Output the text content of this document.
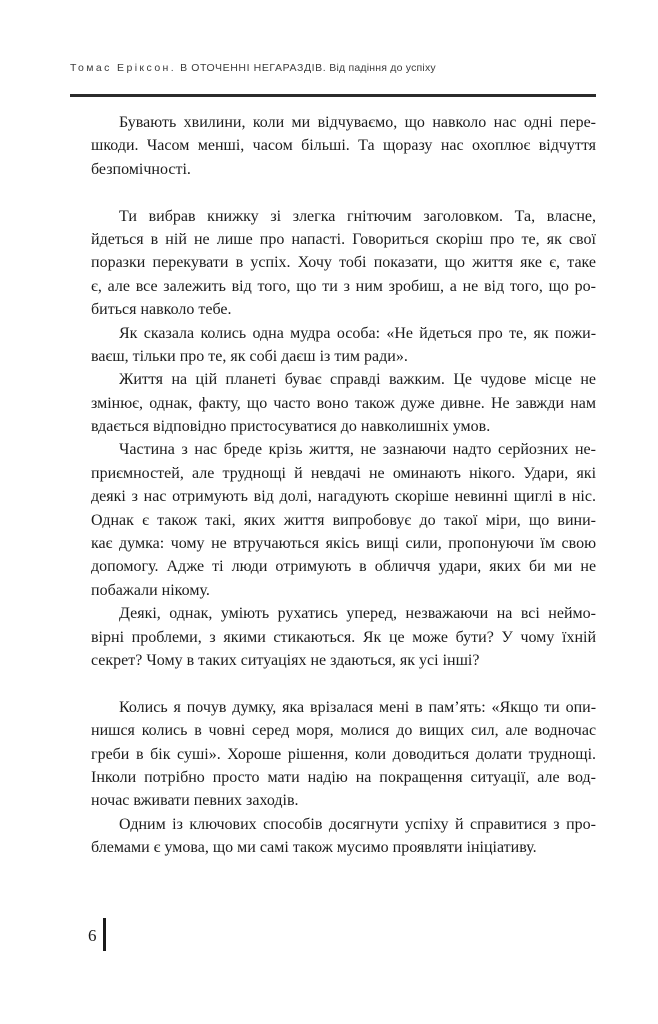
Томас Еріксон. В ОТОЧЕННІ НЕГАРАЗДІВ. Від падіння до успіху
Бувають хвилини, коли ми відчуваємо, що навколо нас одні пере-
шкоди. Часом менші, часом більші. Та щоразу нас охоплює відчуття
безпомічності.
Ти вибрав книжку зі злегка гнітючим заголовком. Та, власне,
йдеться в ній не лише про напасті. Говориться скоріш про те, як свої
поразки перекувати в успіх. Хочу тобі показати, що життя яке є, таке
є, але все залежить від того, що ти з ним зробиш, а не від того, що ро-
биться навколо тебе.
Як сказала колись одна мудра особа: «Не йдеться про те, як пожи-
ваєш, тільки про те, як собі даєш із тим ради».
Життя на цій планеті буває справді важким. Це чудове місце не
змінює, однак, факту, що часто воно також дуже дивне. Не завжди нам
вдається відповідно пристосуватися до навколишніх умов.
Частина з нас бреде крізь життя, не зазнаючи надто серйозних не-
приємностей, але труднощі й невдачі не оминають нікого. Удари, які
деякі з нас отримують від долі, нагадують скоріше невинні щиглі в ніс.
Однак є також такі, яких життя випробовує до такої міри, що вини-
кає думка: чому не втручаються якісь вищі сили, пропонуючи їм свою
допомогу. Адже ті люди отримують в обличчя удари, яких би ми не
побажали нікому.
Деякі, однак, уміють рухатись уперед, незважаючи на всі неймо-
вірні проблеми, з якими стикаються. Як це може бути? У чому їхній
секрет? Чому в таких ситуаціях не здаються, як усі інші?
Колись я почув думку, яка врізалася мені в пам’ять: «Якщо ти опи-
нишся колись в човні серед моря, молися до вищих сил, але водночас
греби в бік суші». Хороше рішення, коли доводиться долати труднощі.
Інколи потрібно просто мати надію на покращення ситуації, але вод-
ночас вживати певних заходів.
Одним із ключових способів досягнути успіху й справитися з про-
блемами є умова, що ми самі також мусимо проявляти ініціативу.
6
